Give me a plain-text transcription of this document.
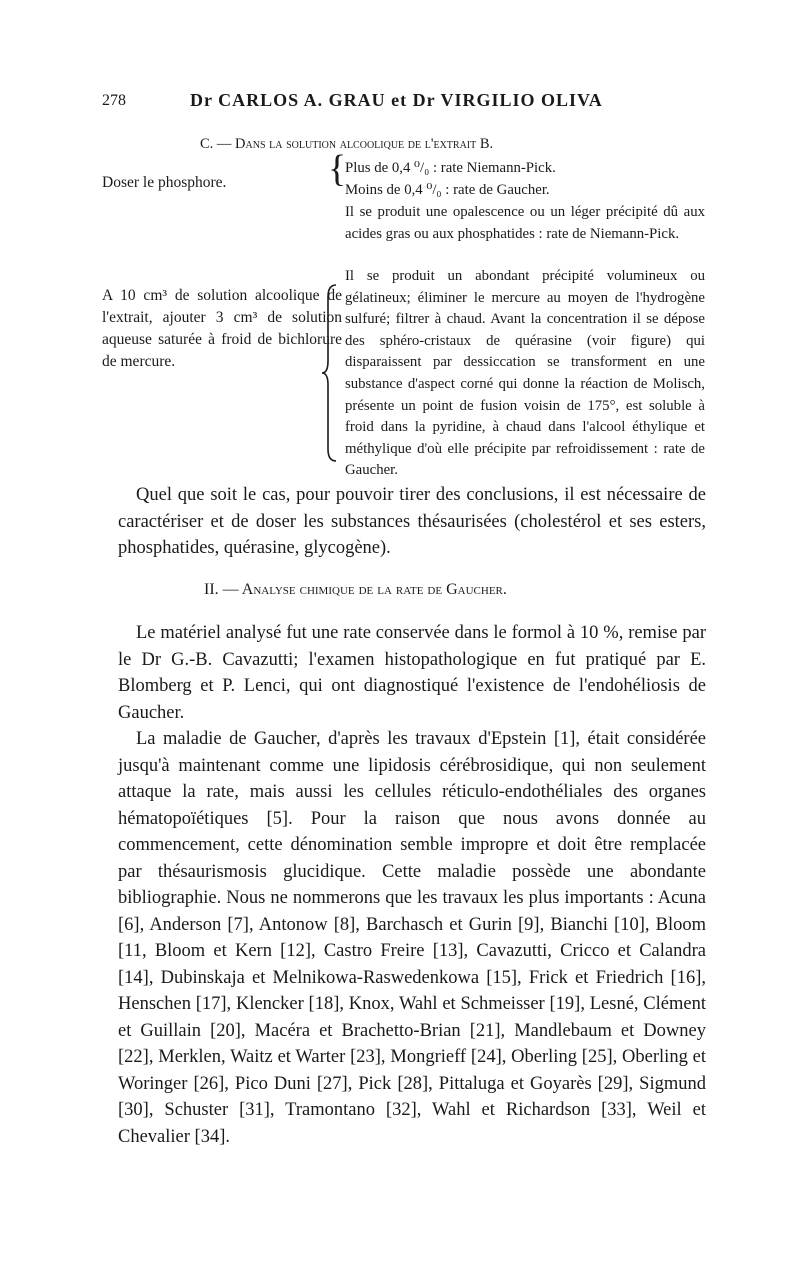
278	Dr CARLOS A. GRAU et Dr VIRGILIO OLIVA
C. — Dans la solution alcoolique de l'extrait B.
Doser le phosphore.	{
A 10 cm³ de solution alcoolique de l'extrait, ajouter 3 cm³ de solution aqueuse saturée à froid de bichlorure de mercure.
Plus de 0,4 ⁰/₀ : rate Niemann-Pick.
Moins de 0,4 ⁰/₀ : rate de Gaucher.
Il se produit une opalescence ou un léger précipité dû aux acides gras ou aux phosphatides : rate de Niemann-Pick.
Il se produit un abondant précipité volumineux ou gélatineux; éliminer le mercure au moyen de l'hydrogène sulfuré; filtrer à chaud. Avant la concentration il se dépose des sphéro-cristaux de quérasine (voir figure) qui disparaissent par dessiccation se transforment en une substance d'aspect corné qui donne la réaction de Molisch, présente un point de fusion voisin de 175°, est soluble à froid dans la pyridine, à chaud dans l'alcool éthylique et méthylique d'où elle précipite par refroidissement : rate de Gaucher.
Quel que soit le cas, pour pouvoir tirer des conclusions, il est nécessaire de caractériser et de doser les substances thésaurisées (cholestérol et ses esters, phosphatides, quérasine, glycogène).
II. — Analyse chimique de la rate de Gaucher.

Le matériel analysé fut une rate conservée dans le formol à 10 %, remise par le Dr G.-B. Cavazutti; l'examen histopathologique en fut pratiqué par E. Blomberg et P. Lenci, qui ont diagnostiqué l'existence de l'endohéliosis de Gaucher.

La maladie de Gaucher, d'après les travaux d'Epstein [1], était considérée jusqu'à maintenant comme une lipidosis cérébrosidique, qui non seulement attaque la rate, mais aussi les cellules réticulo-endothéliales des organes hématopoïétiques [5]. Pour la raison que nous avons donnée au commencement, cette dénomination semble impropre et doit être remplacée par thésaurismosis glucidique. Cette maladie possède une abondante bibliographie. Nous ne nommerons que les travaux les plus importants : Acuna [6], Anderson [7], Antonow [8], Barchasch et Gurin [9], Bianchi [10], Bloom [11, Bloom et Kern [12], Castro Freire [13], Cavazutti, Cricco et Calandra [14], Dubinskaja et Melnikowa-Raswedenkowa [15], Frick et Friedrich [16], Henschen [17], Klencker [18], Knox, Wahl et Schmeisser [19], Lesné, Clément et Guillain [20], Macéra et Brachetto-Brian [21], Mandlebaum et Downey [22], Merklen, Waitz et Warter [23], Mongrieff [24], Oberling [25], Oberling et Woringer [26], Pico Duni [27], Pick [28], Pittaluga et Goyarès [29], Sigmund [30], Schuster [31], Tramontano [32], Wahl et Richardson [33], Weil et Chevalier [34].
